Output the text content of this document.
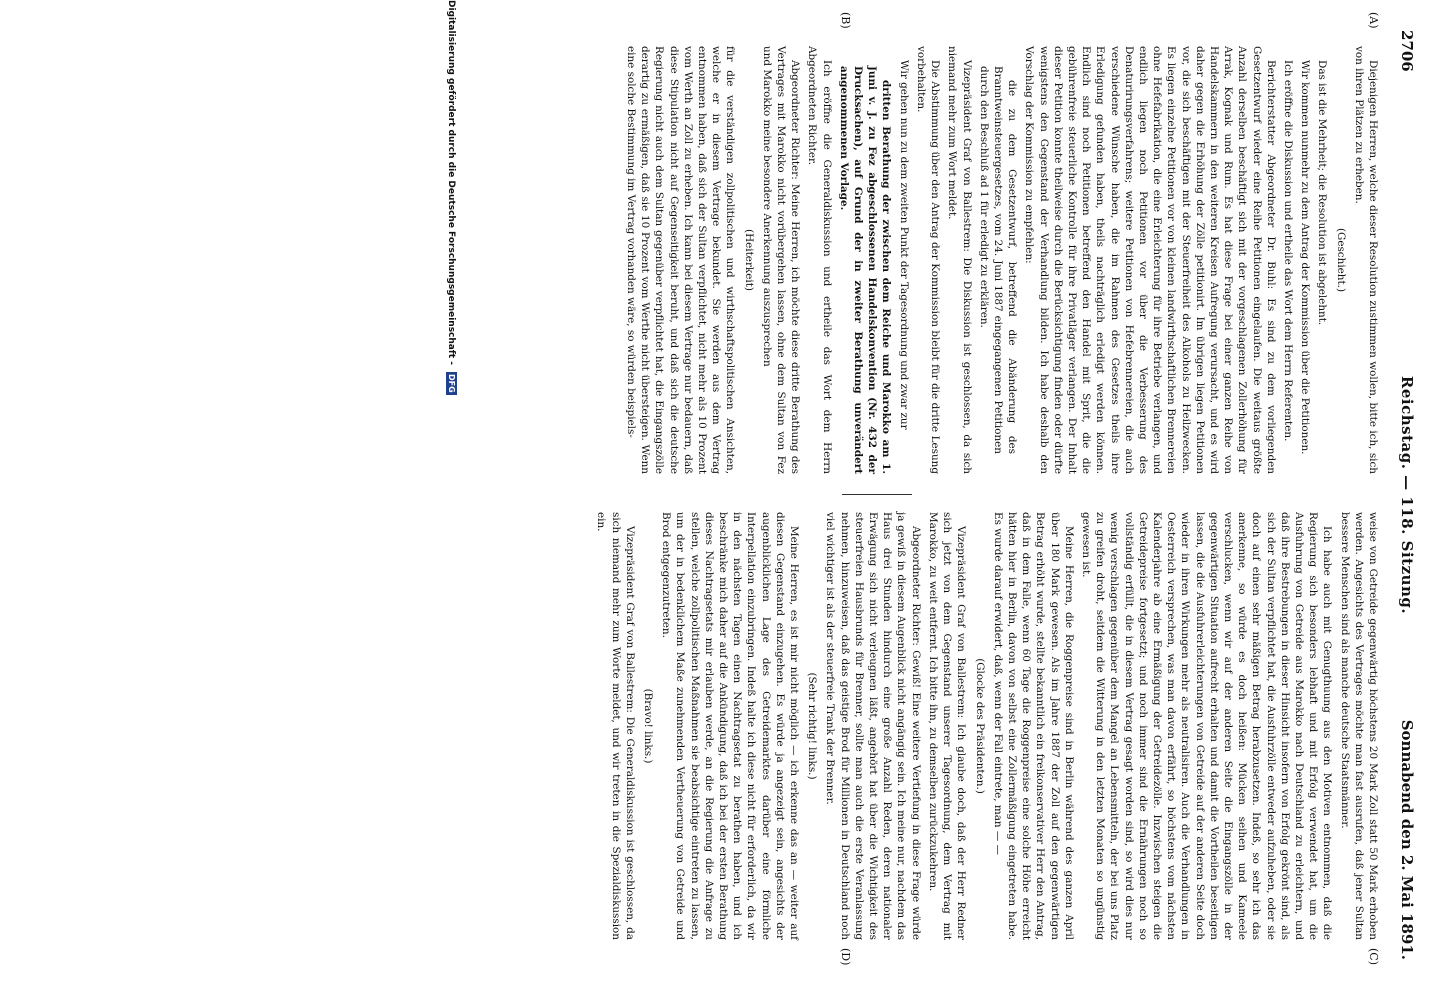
2706
Reichstag. — 118. Sitzung.
Sonnabend den 2. Mai 1891.
(A)
(B)
(C)
(D)

Diejenigen Herren, welche dieser Resolution zustimmen wollen, bitte ich, sich von ihren Plätzen zu erheben.

(Geschieht.)

Das ist die Mehrheit; die Resolution ist abgelehnt.

Wir kommen nunmehr zu dem Antrag der Kommission über die Petitionen.

Ich eröffne die Diskussion und ertheile das Wort dem Herrn Referenten.

Berichterstatter Abgeordneter Dr. Buhl: Es sind zu dem vorliegenden Gesetzentwurf wieder eine Reihe Petitionen eingelaufen. Die weitaus größte Anzahl derselben beschäftigt sich mit der vorgeschlagenen Zollerhöhung für Arrak, Kognak und Rum. Es hat diese Frage bei einer ganzen Reihe von Handelskammern in den weiteren Kreisen Aufregung verursacht, und es wird daher gegen die Erhöhung der Zölle petitionirt. Im übrigen liegen Petitionen vor, die sich beschäftigen mit der Steuerfreiheit des Alkohols zu Heilzwecken. Es liegen einzelne Petitionen vor von kleinen landwirthschaftlichen Brennereien ohne Hefefabrikation, die eine Erleichterung für ihre Betriebe verlangen, und endlich liegen noch Petitionen vor über die Verbesserung des Denaturirungsverfahrens; weitere Petitionen von Hefebrennereien, die auch verschiedene Wünsche haben, die im Rahmen des Gesetzes theils ihre Erledigung gefunden haben, theils nachträglich erledigt werden können. Endlich sind noch Petitionen betreffend den Handel mit Sprit, die die gebührenfreie steuerliche Kontrolle für ihre Privatläger verlangen. Der Inhalt dieser Petition konnte theilweise durch die Berücksichtigung finden oder dürfte wenigstens den Gegenstand der Verhandlung bilden. Ich habe deshalb den Vorschlag der Kommission zu empfehlen:

die zu dem Gesetzentwurf, betreffend die Abänderung des Branntweinsteuergesetzes, vom 24. Juni 1887 eingegangenen Petitionen durch den Beschluß ad 1 für erledigt zu erklären.

Vizepräsident Graf von Ballestrem: Die Diskussion ist geschlossen, da sich niemand mehr zum Wort meldet.

Die Abstimmung über den Antrag der Kommission bleibt für die dritte Lesung vorbehalten.

Wir gehen nun zu dem zweiten Punkt der Tagesordnung und zwar zur

dritten Berathung der zwischen dem Reiche und Marokko am 1. Juni v. J. zu Fez abgeschlossenen Handelskonvention (Nr. 432 der Drucksachen), auf Grund der in zweiter Berathung unverändert angenommenen Vorlage.

Ich eröffne die Generaldiskussion und ertheile das Wort dem Herrn Abgeordneten Richter.

Abgeordneter Richter: Meine Herren, ich möchte diese dritte Berathung des Vertrages mit Marokko nicht vorübergehen lassen, ohne dem Sultan von Fez und Marokko meine besondere Anerkennung auszusprechen

(Heiterkeit)

für die verständigen zollpolitischen und wirthschaftspolitischen Ansichten, welche er in diesem Vertrage bekundet. Sie werden aus dem Vertrag entnommen haben, daß sich der Sultan verpflichtet, nicht mehr als 10 Prozent vom Werth an Zoll zu erheben. Ich kann bei diesem Vertrage nur bedauern, daß diese Stipulation nicht auf Gegenseitigkeit beruht, und daß sich die deutsche Regierung nicht auch dem Sultan gegenüber verpflichtet hat, die Eingangszölle derartig zu ermäßigen, daß sie 10 Prozent vom Werthe nicht übersteigen. Wenn eine solche Bestimmung im Vertrag vorhanden wäre, so würden beispiels-

weise von Getreide gegenwärtig höchstens 20 Mark Zoll statt 50 Mark erhoben werden. Angesichts des Vertrages möchte man fast ausrufen, daß jener Sultan bessere Menschen sind als manche deutsche Staatsmänner.

Ich habe auch mit Genugthuung aus den Motiven entnommen, daß die Regierung sich besonders lebhaft und mit Erfolg verwendet hat, um die Ausfuhrung von Getreide aus Marokko nach Deutschland zu erleichtern, und daß ihre Bestrebungen in dieser Hinsicht insofern von Erfolg gekrönt sind, als sich der Sultan verpflichtet hat, die Ausfuhrzölle entweder aufzuheben, oder sie doch auf einen sehr mäßigen Betrag herabzusetzen. Indeß, so sehr ich das anerkenne, so würde es doch heißen: Mücken seihen und Kameele verschlucken, wenn wir auf der anderen Seite die Eingangszölle in der gegenwärtigen Situation aufrecht erhalten und damit die Vortheilen beseitigen lassen, die die Ausfuhrerleichterungen von Getreide auf der anderen Seite doch wieder in ihren Wirkungen mehr als neutralisiren. Auch die Verhandlungen in Oesterreich versprechen, was man davon erfährt, so höchstens vom nächsten Kalenderjahre ab eine Ermäßigung der Getreidezölle. Inzwischen steigen die Getreidepreise fortgesetzt; und noch immer sind die Ernährungen noch so vollständig erfüllt, die in diesem Vertrag gesagt worden sind, so wird dies nur wenig verschlagen gegenüber dem Mangel an Lebensmitteln, der bei uns Platz zu greifen droht, seitdem die Witterung in den letzten Monaten so ungünstig gewesen ist.

Meine Herren, die Roggenpreise sind in Berlin während des ganzen April über 180 Mark gewesen. Als im Jahre 1887 der Zoll auf den gegenwärtigen Betrag erhöht wurde, stellte bekanntlich ein freikonservativer Herr den Antrag, daß in dem Falle, wenn 60 Tage die Roggenpreise eine solche Höhe erreicht hätten hier in Berlin, davon von selbst eine Zollermäßigung eingetreten habe. Es wurde darauf erwidert, daß, wenn der Fall eintrete, man — —

(Glocke des Präsidenten.)

Vizepräsident Graf von Ballestrem: Ich glaube doch, daß der Herr Redner sich jetzt von dem Gegenstand unserer Tagesordnung, dem Vertrag mit Marokko, zu weit entfernt. Ich bitte ihn, zu demselben zurückzukehren.

Abgeordneter Richter: Gewiß! Eine weitere Vertiefung in diese Frage würde ja gewiß in diesem Augenblick nicht angängig sein. Ich meine nur, nachdem das Haus drei Stunden hindurch eine große Anzahl Reden, deren nationaler Erwägung sich nicht verleugnen läßt, angehört hat über die Wichtigkeit des steuerfreien Hausbrunds für Brenner, sollte man auch die erste Veranlassung nehmen, hinzuweisen, daß das geistige Brod für Millionen in Deutschland noch viel wichtiger ist als der steuerfreie Trank der Brenner.

(Sehr richtig! links.)

Meine Herren, es ist mir nicht möglich — ich erkenne das an — weiter auf diesen Gegenstand einzugehen. Es würde ja angezeigt sein, angesichts der augenblicklichen Lage des Getreidemarktes darüber eine förmliche Interpellation einzubringen. Indeß halte ich diese nicht für erforderlich, da wir in den nächsten Tagen einen Nachtragsetat zu berathen haben, und ich beschränke mich daher auf die Ankündigung, daß ich bei der ersten Berathung dieses Nachtragsetats mir erlauben werde, an die Regierung die Anfrage zu stellen, welche zollpolitischen Maßnahmen sie beabsichtige eintreten zu lassen, um der in bedenklichem Maße zunehmenden Vertheuerung von Getreide und Brod entgegenzutreten.

(Bravo! links.)

Vizepräsident Graf von Ballestrem: Die Generaldiskussion ist geschlossen, da sich niemand mehr zum Worte meldet, und wir treten in die Spezialdiskussion ein.

Digitalisierung gefördert durch die Deutsche Forschungsgemeinschaft -
DFG
